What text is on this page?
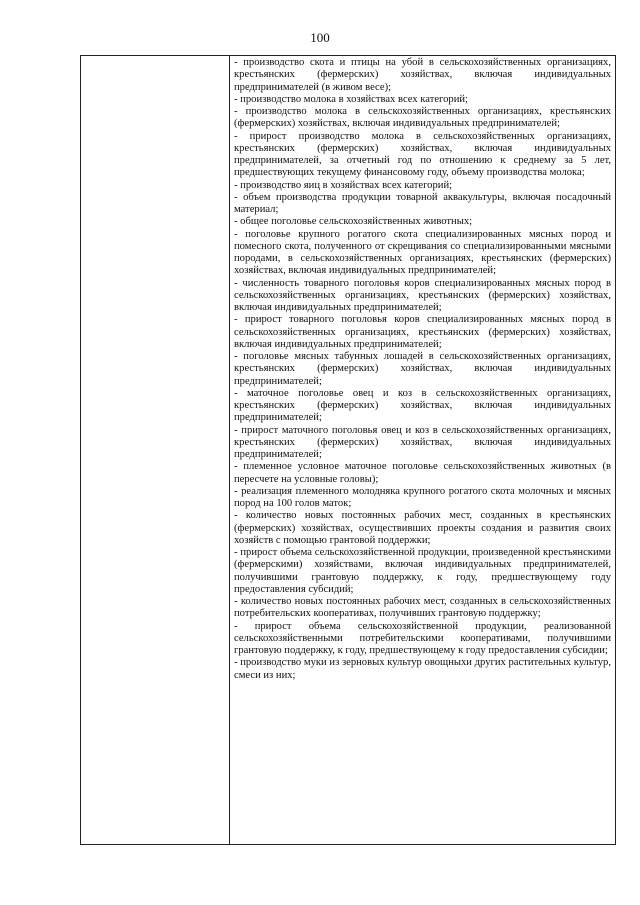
100

- производство скота и птицы на убой в сельскохозяйственных организациях, крестьянских (фермерских) хозяйствах, включая индивидуальных предпринимателей (в живом весе);

- производство молока в хозяйствах всех категорий;

- производство молока в сельскохозяйственных организациях, крестьянских (фермерских) хозяйствах, включая индивидуальных предпринимателей;

- прирост производство молока в сельскохозяйственных организациях, крестьянских (фермерских) хозяйствах, включая индивидуальных предпринимателей, за отчетный год по отношению к среднему за 5 лет, предшествующих текущему финансовому году, объему производства молока;

- производство яиц в хозяйствах всех категорий;

- объем производства продукции товарной аквакультуры, включая посадочный материал;

- общее поголовье сельскохозяйственных животных;

- поголовье крупного рогатого скота специализированных мясных пород и помесного скота, полученного от скрещивания со специализированными мясными породами, в сельскохозяйственных организациях, крестьянских (фермерских) хозяйствах, включая индивидуальных предпринимателей;

- численность товарного поголовья коров специализированных мясных пород в сельскохозяйственных организациях, крестьянских (фермерских) хозяйствах, включая индивидуальных предпринимателей;

- прирост товарного поголовья коров специализированных мясных пород в сельскохозяйственных организациях, крестьянских (фермерских) хозяйствах, включая индивидуальных предпринимателей;

- поголовье мясных табунных лошадей в сельскохозяйственных организациях, крестьянских (фермерских) хозяйствах, включая индивидуальных предпринимателей;

- маточное поголовье овец и коз в сельскохозяйственных организациях, крестьянских (фермерских) хозяйствах, включая индивидуальных предпринимателей;

- прирост маточного поголовья овец и коз в сельскохозяйственных организациях, крестьянских (фермерских) хозяйствах, включая индивидуальных предпринимателей;

- племенное условное маточное поголовье сельскохозяйственных животных (в пересчете на условные головы);

- реализация племенного молодняка крупного рогатого скота молочных и мясных пород на 100 голов маток;

- количество новых постоянных рабочих мест, созданных в крестьянских (фермерских) хозяйствах, осуществивших проекты создания и развития своих хозяйств с помощью грантовой поддержки;

- прирост объема сельскохозяйственной продукции, произведенной крестьянскими (фермерскими) хозяйствами, включая индивидуальных предпринимателей, получившими грантовую поддержку, к году, предшествующему году предоставления субсидий;

- количество новых постоянных рабочих мест, созданных в сельскохозяйственных потребительских кооперативах, получивших грантовую поддержку;

- прирост объема сельскохозяйственной продукции, реализованной сельскохозяйственными потребительскими кооперативами, получившими грантовую поддержку, к году, предшествующему к году предоставления субсидии;

- производство муки из зерновых культур овощныхи других растительных культур, смеси из них;
